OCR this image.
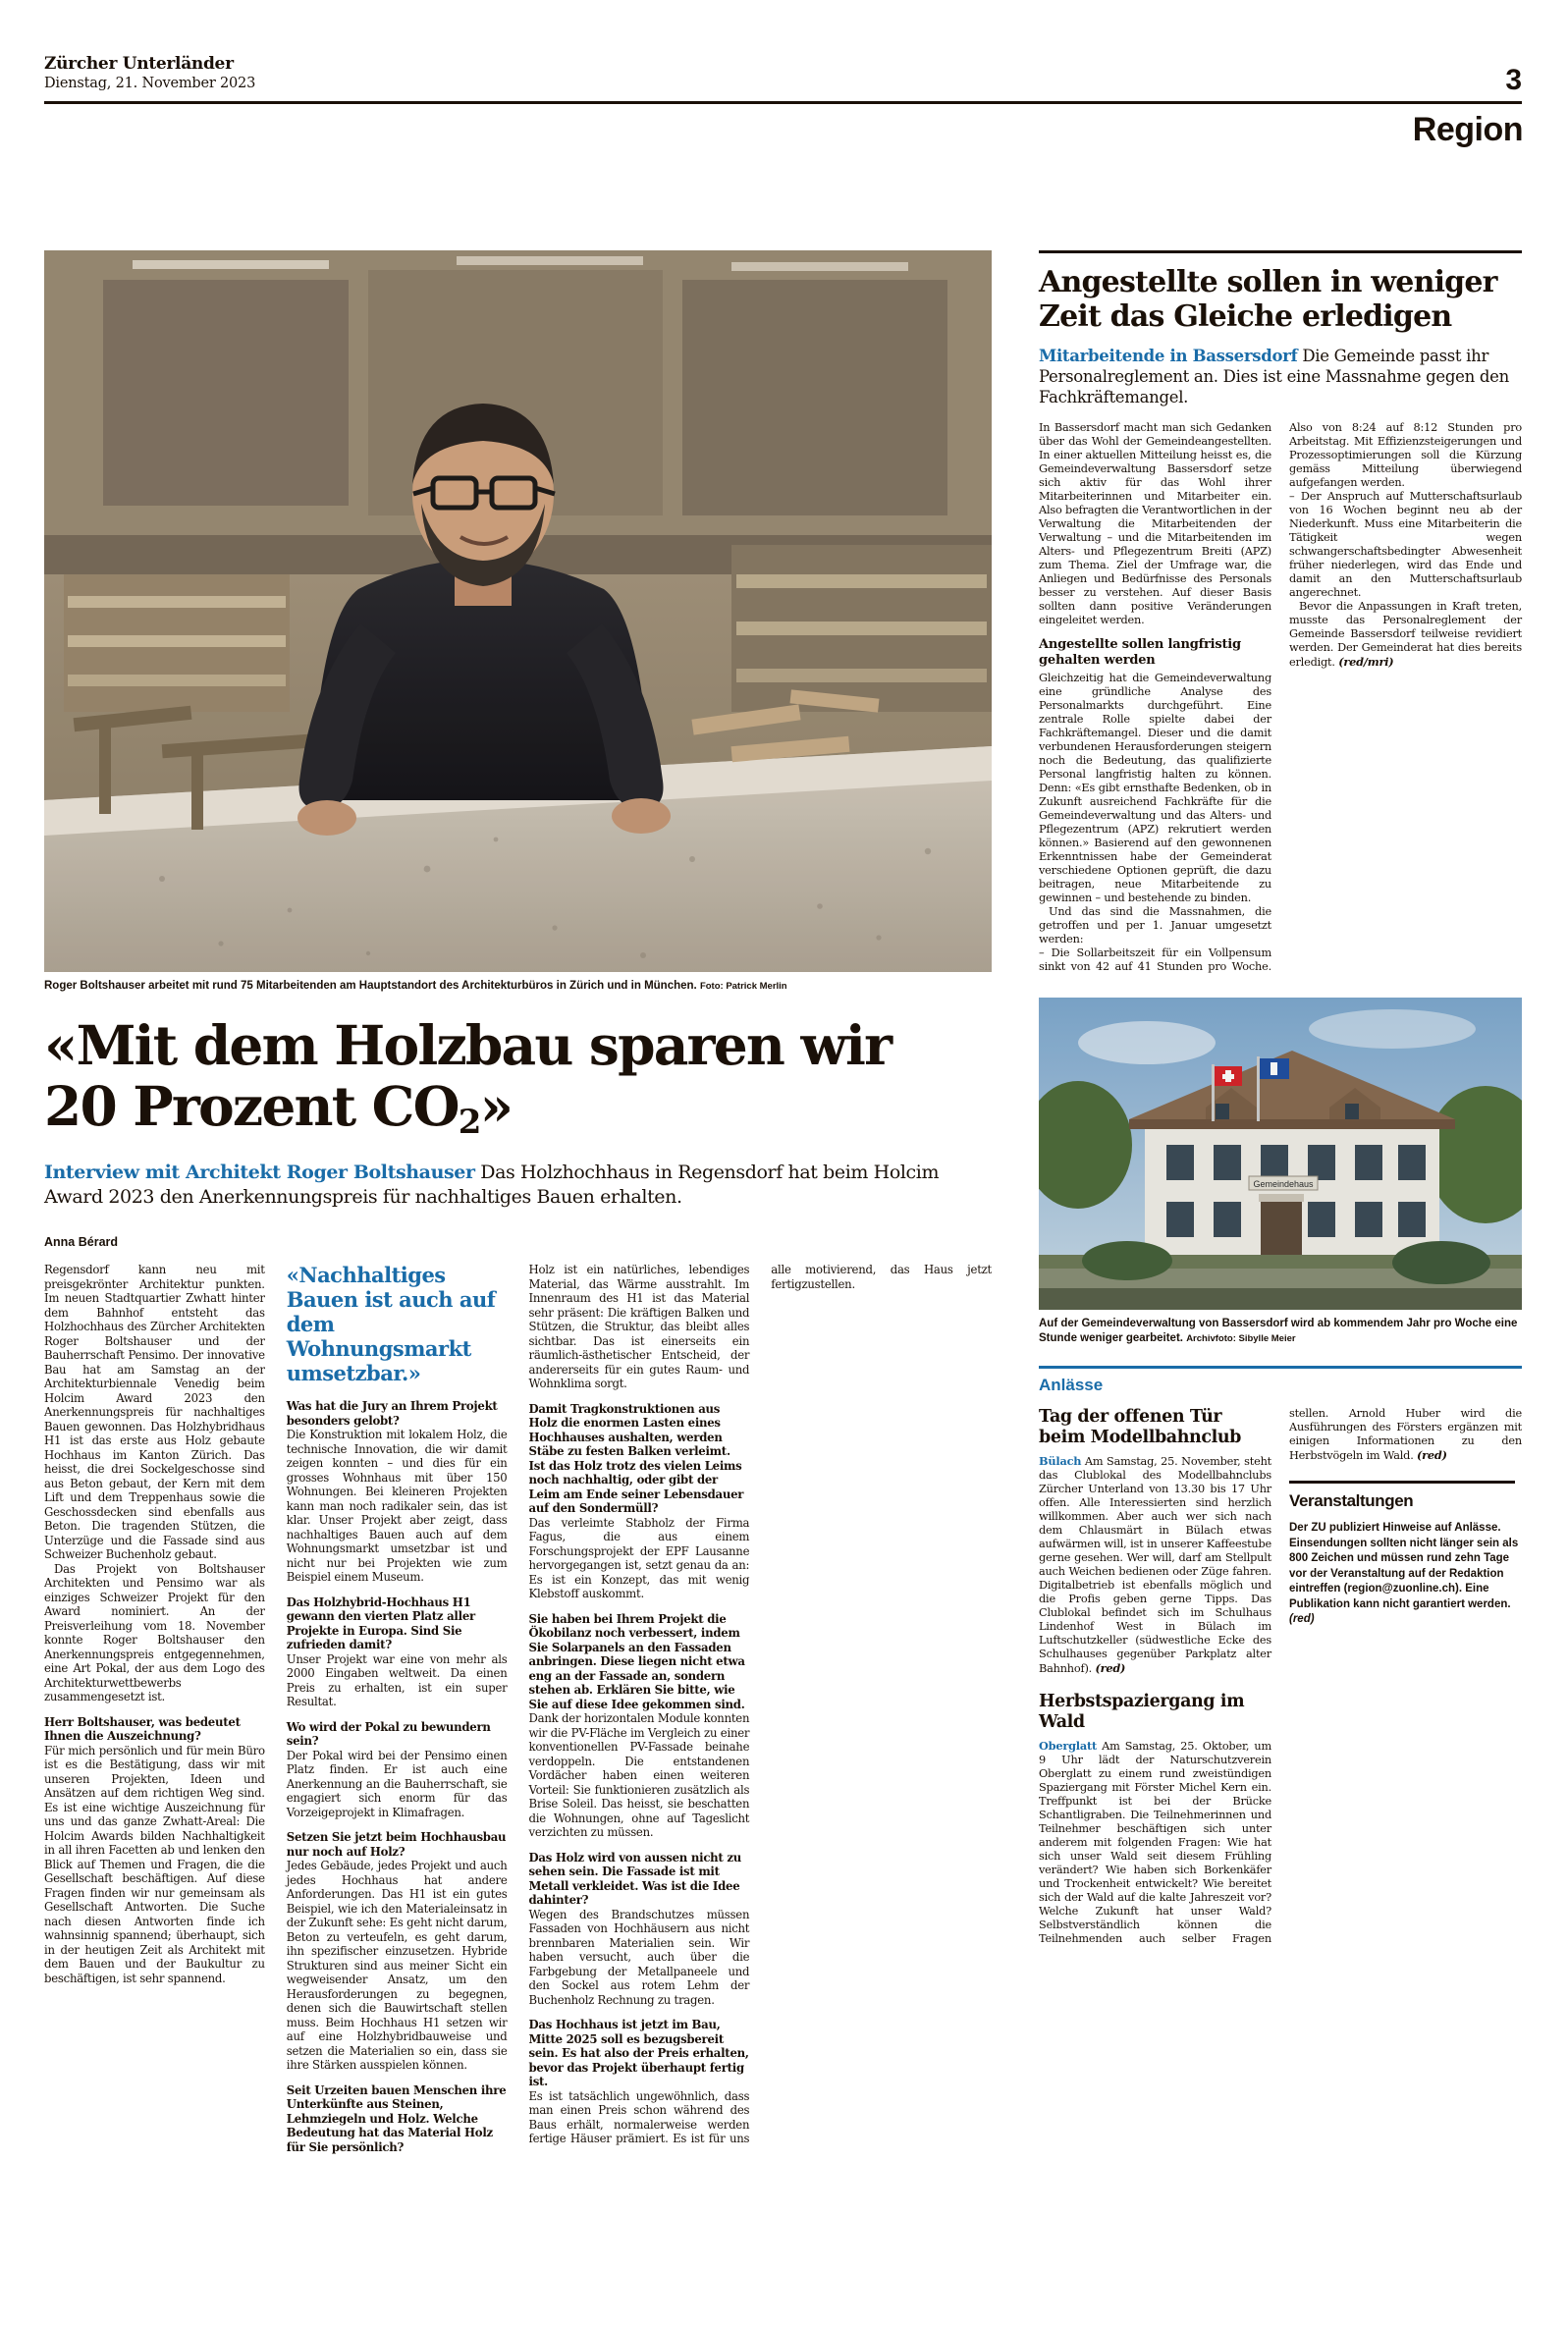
Zürcher Unterländer
Dienstag, 21. November 2023	3
Region
Roger Boltshauser arbeitet mit rund 75 Mitarbeitenden am Hauptstandort des Architekturbüros in Zürich und in München. Foto: Patrick Merlin
«Mit dem Holzbau sparen wir
20 Prozent $CO_2$»
Interview mit Architekt Roger Boltshauser Das Holzhochhaus in Regensdorf hat beim Holcim Award 2023 den Anerkennungspreis für nachhaltiges Bauen erhalten.
Anna Bérard

Regensdorf kann neu mit preisgekrönter Architektur punkten. Im neuen Stadtquartier Zwhatt hinter dem Bahnhof entsteht das Holzhochhaus des Zürcher Architekten Roger Boltshauser und der Bauherrschaft Pensimo. Der innovative Bau hat am Samstag an der Architekturbiennale Venedig beim Holcim Award 2023 den Anerkennungspreis für nachhaltiges Bauen gewonnen. Das Holzhybridhaus H1 ist das erste aus Holz gebaute Hochhaus im Kanton Zürich. Das heisst, die drei Sockelgeschosse sind aus Beton gebaut, der Kern mit dem Lift und dem Treppenhaus sowie die Geschossdecken sind ebenfalls aus Beton. Die tragenden Stützen, die Unterzüge und die Fassade sind aus Schweizer Buchenholz gebaut.

Das Projekt von Boltshauser Architekten und Pensimo war als einziges Schweizer Projekt für den Award nominiert. An der Preisverleihung vom 18. November konnte Roger Boltshauser den Anerkennungspreis entgegennehmen, eine Art Pokal, der aus dem Logo des Architekturwettbewerbs zusammengesetzt ist.

Herr Boltshauser, was bedeutet Ihnen die Auszeichnung?

Für mich persönlich und für mein Büro ist es die Bestätigung, dass wir mit unseren Projekten, Ideen und Ansätzen auf dem richtigen Weg sind. Es ist eine wichtige Auszeichnung für uns und das ganze Zwhatt-Areal: Die Holcim Awards bilden Nachhaltigkeit in all ihren Facetten ab und lenken den Blick auf Themen und Fragen, die die Gesellschaft beschäftigen. Auf diese Fragen finden wir nur gemeinsam als Gesellschaft Antworten. Die Suche nach diesen Antworten finde ich wahnsinnig spannend; überhaupt, sich in der heutigen Zeit als Architekt mit dem Bauen und der Baukultur zu beschäftigen, ist sehr spannend.

«Nachhaltiges Bauen ist auch auf dem Wohnungsmarkt umsetzbar.»

Was hat die Jury an Ihrem Projekt besonders gelobt?

Die Konstruktion mit lokalem Holz, die technische Innovation, die wir damit zeigen konnten – und dies für ein grosses Wohnhaus mit über 150 Wohnungen. Bei kleineren Projekten kann man noch radikaler sein, das ist klar. Unser Projekt aber zeigt, dass nachhaltiges Bauen auch auf dem Wohnungsmarkt umsetzbar ist und nicht nur bei Projekten wie zum Beispiel einem Museum.

Das Holzhybrid-Hochhaus H1 gewann den vierten Platz aller Projekte in Europa. Sind Sie zufrieden damit?

Unser Projekt war eine von mehr als 2000 Eingaben weltweit. Da einen Preis zu erhalten, ist ein super Resultat.

Wo wird der Pokal zu bewundern sein?

Der Pokal wird bei der Pensimo einen Platz finden. Er ist auch eine Anerkennung an die Bauherrschaft, sie engagiert sich enorm für das Vorzeigeprojekt in Klimafragen.

Setzen Sie jetzt beim Hochhausbau nur noch auf Holz?

Jedes Gebäude, jedes Projekt und auch jedes Hochhaus hat andere Anforderungen. Das H1 ist ein gutes Beispiel, wie ich den Materialeinsatz in der Zukunft sehe: Es geht nicht darum, Beton zu verteufeln, es geht darum, ihn spezifischer einzusetzen. Hybride Strukturen sind aus meiner Sicht ein wegweisender Ansatz, um den Herausforderungen zu begegnen, denen sich die Bauwirtschaft stellen muss. Beim Hochhaus H1 setzen wir auf eine Holzhybridbauweise und setzen die Materialien so ein, dass sie ihre Stärken ausspielen können.

Seit Urzeiten bauen Menschen ihre Unterkünfte aus Steinen, Lehmziegeln und Holz. Welche Bedeutung hat das Material Holz für Sie persönlich?

Holz ist ein natürliches, lebendiges Material, das Wärme ausstrahlt. Im Innenraum des H1 ist das Material sehr präsent: Die kräftigen Balken und Stützen, die Struktur, das bleibt alles sichtbar. Das ist einerseits ein räumlich-ästhetischer Entscheid, der andererseits für ein gutes Raum- und Wohnklima sorgt.

Damit Tragkonstruktionen aus Holz die enormen Lasten eines Hochhauses aushalten, werden Stäbe zu festen Balken verleimt. Ist das Holz trotz des vielen Leims noch nachhaltig, oder gibt der Leim am Ende seiner Lebensdauer auf den Sondermüll?

Das verleimte Stabholz der Firma Fagus, die aus einem Forschungsprojekt der EPF Lausanne hervorgegangen ist, setzt genau da an: Es ist ein Konzept, das mit wenig Klebstoff auskommt.

Sie haben bei Ihrem Projekt die Ökobilanz noch verbessert, indem Sie Solarpanels an den Fassaden anbringen. Diese liegen nicht etwa eng an der Fassade an, sondern stehen ab. Erklären Sie bitte, wie Sie auf diese Idee gekommen sind.

Dank der horizontalen Module konnten wir die PV-Fläche im Vergleich zu einer konventionellen PV-Fassade beinahe verdoppeln. Die entstandenen Vordächer haben einen weiteren Vorteil: Sie funktionieren zusätzlich als Brise Soleil. Das heisst, sie beschatten die Wohnungen, ohne auf Tageslicht verzichten zu müssen.

Das Holz wird von aussen nicht zu sehen sein. Die Fassade ist mit Metall verkleidet. Was ist die Idee dahinter?

Wegen des Brandschutzes müssen Fassaden von Hochhäusern aus nicht brennbaren Materialien sein. Wir haben versucht, auch über die Farbgebung der Metallpaneele und den Sockel aus rotem Lehm der Buchenholz Rechnung zu tragen.

Das Hochhaus ist jetzt im Bau, Mitte 2025 soll es bezugsbereit sein. Es hat also der Preis erhalten, bevor das Projekt überhaupt fertig ist.

Es ist tatsächlich ungewöhnlich, dass man einen Preis schon während des Baus erhält, normalerweise werden fertige Häuser prämiert. Es ist für uns alle motivierend, das Haus jetzt fertigzustellen.

Angestellte sollen in weniger Zeit das Gleiche erledigen
Mitarbeitende in Bassersdorf Die Gemeinde passt ihr Personalreglement an. Dies ist eine Massnahme gegen den Fachkräftemangel.

In Bassersdorf macht man sich Gedanken über das Wohl der Gemeindeangestellten. In einer aktuellen Mitteilung heisst es, die Gemeindeverwaltung Bassersdorf setze sich aktiv für das Wohl ihrer Mitarbeiterinnen und Mitarbeiter ein. Also befragten die Verantwortlichen in der Verwaltung die Mitarbeitenden der Verwaltung – und die Mitarbeitenden im Alters- und Pflegezentrum Breiti (APZ) zum Thema. Ziel der Umfrage war, die Anliegen und Bedürfnisse des Personals besser zu verstehen. Auf dieser Basis sollten dann positive Veränderungen eingeleitet werden.

Angestellte sollen langfristig gehalten werden

Gleichzeitig hat die Gemeindeverwaltung eine gründliche Analyse des Personalmarkts durchgeführt. Eine zentrale Rolle spielte dabei der Fachkräftemangel. Dieser und die damit verbundenen Herausforderungen steigern noch die Bedeutung, das qualifizierte Personal langfristig halten zu können. Denn: «Es gibt ernsthafte Bedenken, ob in Zukunft ausreichend Fachkräfte für die Gemeindeverwaltung und das Alters- und Pflegezentrum (APZ) rekrutiert werden können.» Basierend auf den gewonnenen Erkenntnissen habe der Gemeinderat verschiedene Optionen geprüft, die dazu beitragen, neue Mitarbeitende zu gewinnen – und bestehende zu binden.

Und das sind die Massnahmen, die getroffen und per 1. Januar umgesetzt werden:

– Die Sollarbeitszeit für ein Vollpensum sinkt von 42 auf 41 Stunden pro Woche. Also von 8:24 auf 8:12 Stunden pro Arbeitstag. Mit Effizienzsteigerungen und Prozessoptimierungen soll die Kürzung gemäss Mitteilung überwiegend aufgefangen werden.

– Der Anspruch auf Mutterschaftsurlaub von 16 Wochen beginnt neu ab der Niederkunft. Muss eine Mitarbeiterin die Tätigkeit wegen schwangerschaftsbedingter Abwesenheit früher niederlegen, wird das Ende und damit an den Mutterschaftsurlaub angerechnet.

Bevor die Anpassungen in Kraft treten, musste das Personalreglement der Gemeinde Bassersdorf teilweise revidiert werden. Der Gemeinderat hat dies bereits erledigt. (red/mri)

Gemeindehaus
Auf der Gemeindeverwaltung von Bassersdorf wird ab kommendem Jahr pro Woche eine Stunde weniger gearbeitet. Archivfoto: Sibylle Meier
Anlässe
Tag der offenen Tür beim Modellbahnclub

Bülach Am Samstag, 25. November, steht das Clublokal des Modellbahnclubs Zürcher Unterland von 13.30 bis 17 Uhr offen. Alle Interessierten sind herzlich willkommen. Aber auch wer sich nach dem Chlausmärt in Bülach etwas aufwärmen will, ist in unserer Kaffeestube gerne gesehen. Wer will, darf am Stellpult auch Weichen bedienen oder Züge fahren. Digitalbetrieb ist ebenfalls möglich und die Profis geben gerne Tipps. Das Clublokal befindet sich im Schulhaus Lindenhof West in Bülach im Luftschutzkeller (südwestliche Ecke des Schulhauses gegenüber Parkplatz alter Bahnhof). (red)

Herbstspaziergang im Wald

Oberglatt Am Samstag, 25. Oktober, um 9 Uhr lädt der Naturschutzverein Oberglatt zu einem rund zweistündigen Spaziergang mit Förster Michel Kern ein. Treffpunkt ist bei der Brücke Schantligraben. Die Teilnehmerinnen und Teilnehmer beschäftigen sich unter anderem mit folgenden Fragen: Wie hat sich unser Wald seit diesem Frühling verändert? Wie haben sich Borkenkäfer und Trockenheit entwickelt? Wie bereitet sich der Wald auf die kalte Jahreszeit vor? Welche Zukunft hat unser Wald? Selbstverständlich können die Teilnehmenden auch selber Fragen stellen. Arnold Huber wird die Ausführungen des Försters ergänzen mit einigen Informationen zu den Herbstvögeln im Wald. (red)

Veranstaltungen
Der ZU publiziert Hinweise auf Anlässe. Einsendungen sollten nicht länger sein als 800 Zeichen und müssen rund zehn Tage vor der Veranstaltung auf der Redaktion eintreffen (region@zuonline.ch). Eine Publikation kann nicht garantiert werden. (red)
